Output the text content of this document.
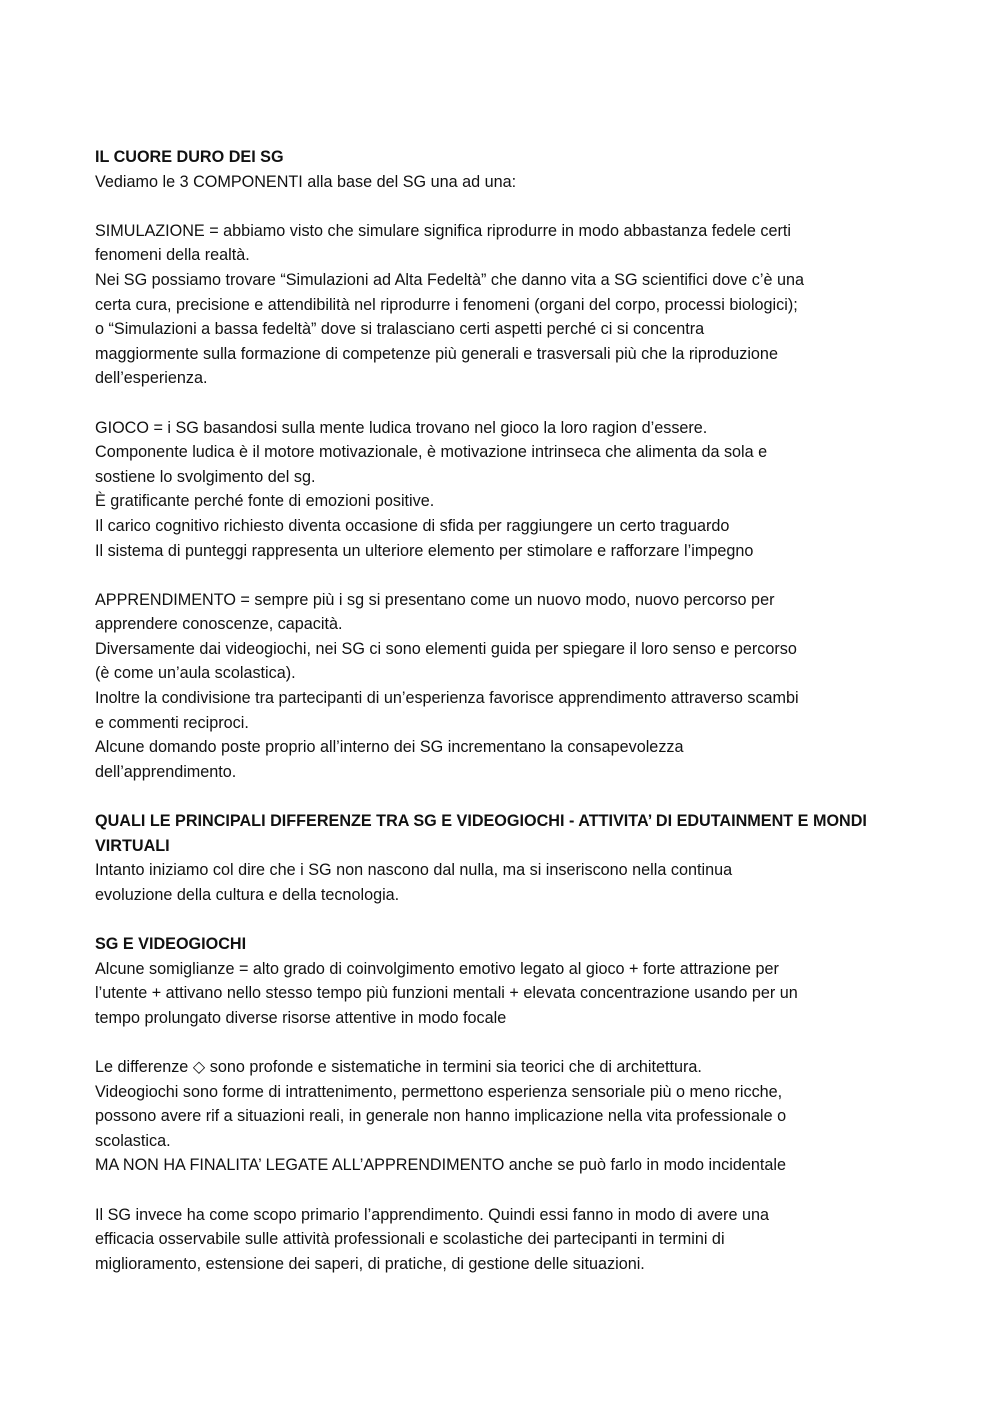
IL CUORE DURO DEI SG
Vediamo le 3 COMPONENTI alla base del SG una ad una:
SIMULAZIONE = abbiamo visto che simulare significa riprodurre in modo abbastanza fedele certi
fenomeni della realtà.
Nei SG possiamo trovare “Simulazioni ad Alta Fedeltà” che danno vita a SG scientifici dove c’è una
certa cura, precisione e attendibilità nel riprodurre i fenomeni (organi del corpo, processi biologici);
o “Simulazioni a bassa fedeltà” dove si tralasciano certi aspetti perché ci si concentra
maggiormente sulla formazione di competenze più generali e trasversali più che la riproduzione
dell’esperienza.
GIOCO = i SG basandosi sulla mente ludica trovano nel gioco la loro ragion d’essere.
Componente ludica è il motore motivazionale, è motivazione intrinseca che alimenta da sola e
sostiene lo svolgimento del sg.
È gratificante perché fonte di emozioni positive.
Il carico cognitivo richiesto diventa occasione di sfida per raggiungere un certo traguardo
Il sistema di punteggi rappresenta un ulteriore elemento per stimolare e rafforzare l’impegno
APPRENDIMENTO = sempre più i sg si presentano come un nuovo modo, nuovo percorso per
apprendere conoscenze, capacità.
Diversamente dai videogiochi, nei SG ci sono elementi guida per spiegare il loro senso e percorso
(è come un’aula scolastica).
Inoltre la condivisione tra partecipanti di un’esperienza favorisce apprendimento attraverso scambi
e commenti reciproci.
Alcune domando poste proprio all’interno dei SG incrementano la consapevolezza
dell’apprendimento.
QUALI LE PRINCIPALI DIFFERENZE TRA SG E VIDEOGIOCHI - ATTIVITA’ DI EDUTAINMENT E MONDI
VIRTUALI
Intanto iniziamo col dire che i SG non nascono dal nulla, ma si inseriscono nella continua
evoluzione della cultura e della tecnologia.
SG E VIDEOGIOCHI
Alcune somiglianze = alto grado di coinvolgimento emotivo legato al gioco + forte attrazione per
l’utente + attivano nello stesso tempo più funzioni mentali + elevata concentrazione usando per un
tempo prolungato diverse risorse attentive in modo focale
Le differenze ◇ sono profonde e sistematiche in termini sia teorici che di architettura.
Videogiochi sono forme di intrattenimento, permettono esperienza sensoriale più o meno ricche,
possono avere rif a situazioni reali, in generale non hanno implicazione nella vita professionale o
scolastica.
MA NON HA FINALITA’ LEGATE ALL’APPRENDIMENTO anche se può farlo in modo incidentale
Il SG invece ha come scopo primario l’apprendimento. Quindi essi fanno in modo di avere una
efficacia osservabile sulle attività professionali e scolastiche dei partecipanti in termini di
miglioramento, estensione dei saperi, di pratiche, di gestione delle situazioni.
